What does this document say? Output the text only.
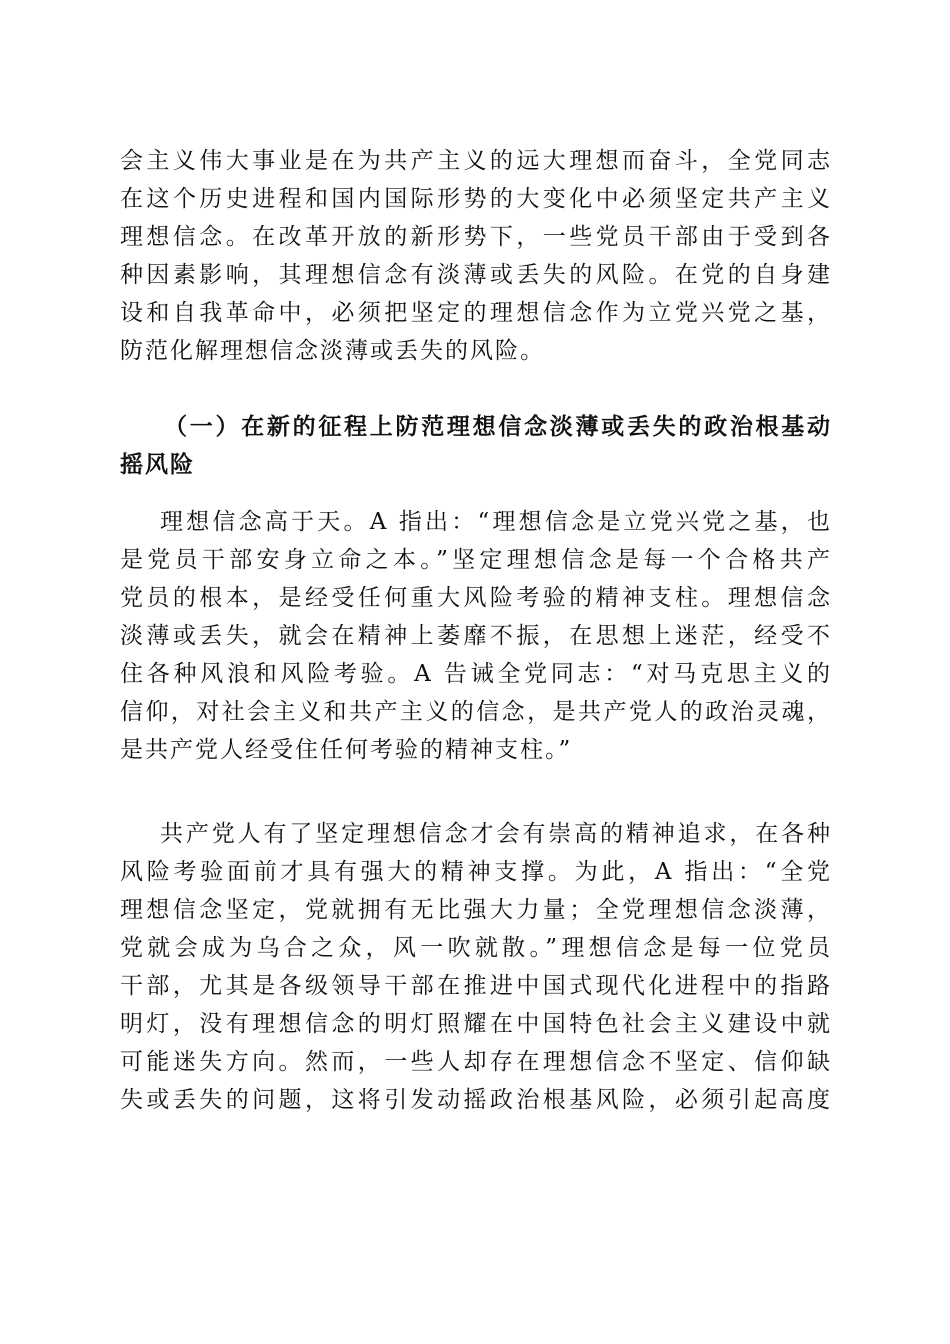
会主义伟大事业是在为共产主义的远大理想而奋斗，全党同志
在这个历史进程和国内国际形势的大变化中必须坚定共产主义
理想信念。在改革开放的新形势下，一些党员干部由于受到各
种因素影响，其理想信念有淡薄或丢失的风险。在党的自身建
设和自我革命中，必须把坚定的理想信念作为立党兴党之基，
防范化解理想信念淡薄或丢失的风险。
（一）在新的征程上防范理想信念淡薄或丢失的政治根基动
摇风险
理想信念高于天。A 指出：“理想信念是立党兴党之基，也
是党员干部安身立命之本。”坚定理想信念是每一个合格共产
党员的根本，是经受任何重大风险考验的精神支柱。理想信念
淡薄或丢失，就会在精神上萎靡不振，在思想上迷茫，经受不
住各种风浪和风险考验。A 告诫全党同志：“对马克思主义的
信仰，对社会主义和共产主义的信念，是共产党人的政治灵魂，
是共产党人经受住任何考验的精神支柱。”
共产党人有了坚定理想信念才会有崇高的精神追求，在各种
风险考验面前才具有强大的精神支撑。为此，A 指出：“全党
理想信念坚定，党就拥有无比强大力量；全党理想信念淡薄，
党就会成为乌合之众，风一吹就散。”理想信念是每一位党员
干部，尤其是各级领导干部在推进中国式现代化进程中的指路
明灯，没有理想信念的明灯照耀在中国特色社会主义建设中就
可能迷失方向。然而，一些人却存在理想信念不坚定、信仰缺
失或丢失的问题，这将引发动摇政治根基风险，必须引起高度
